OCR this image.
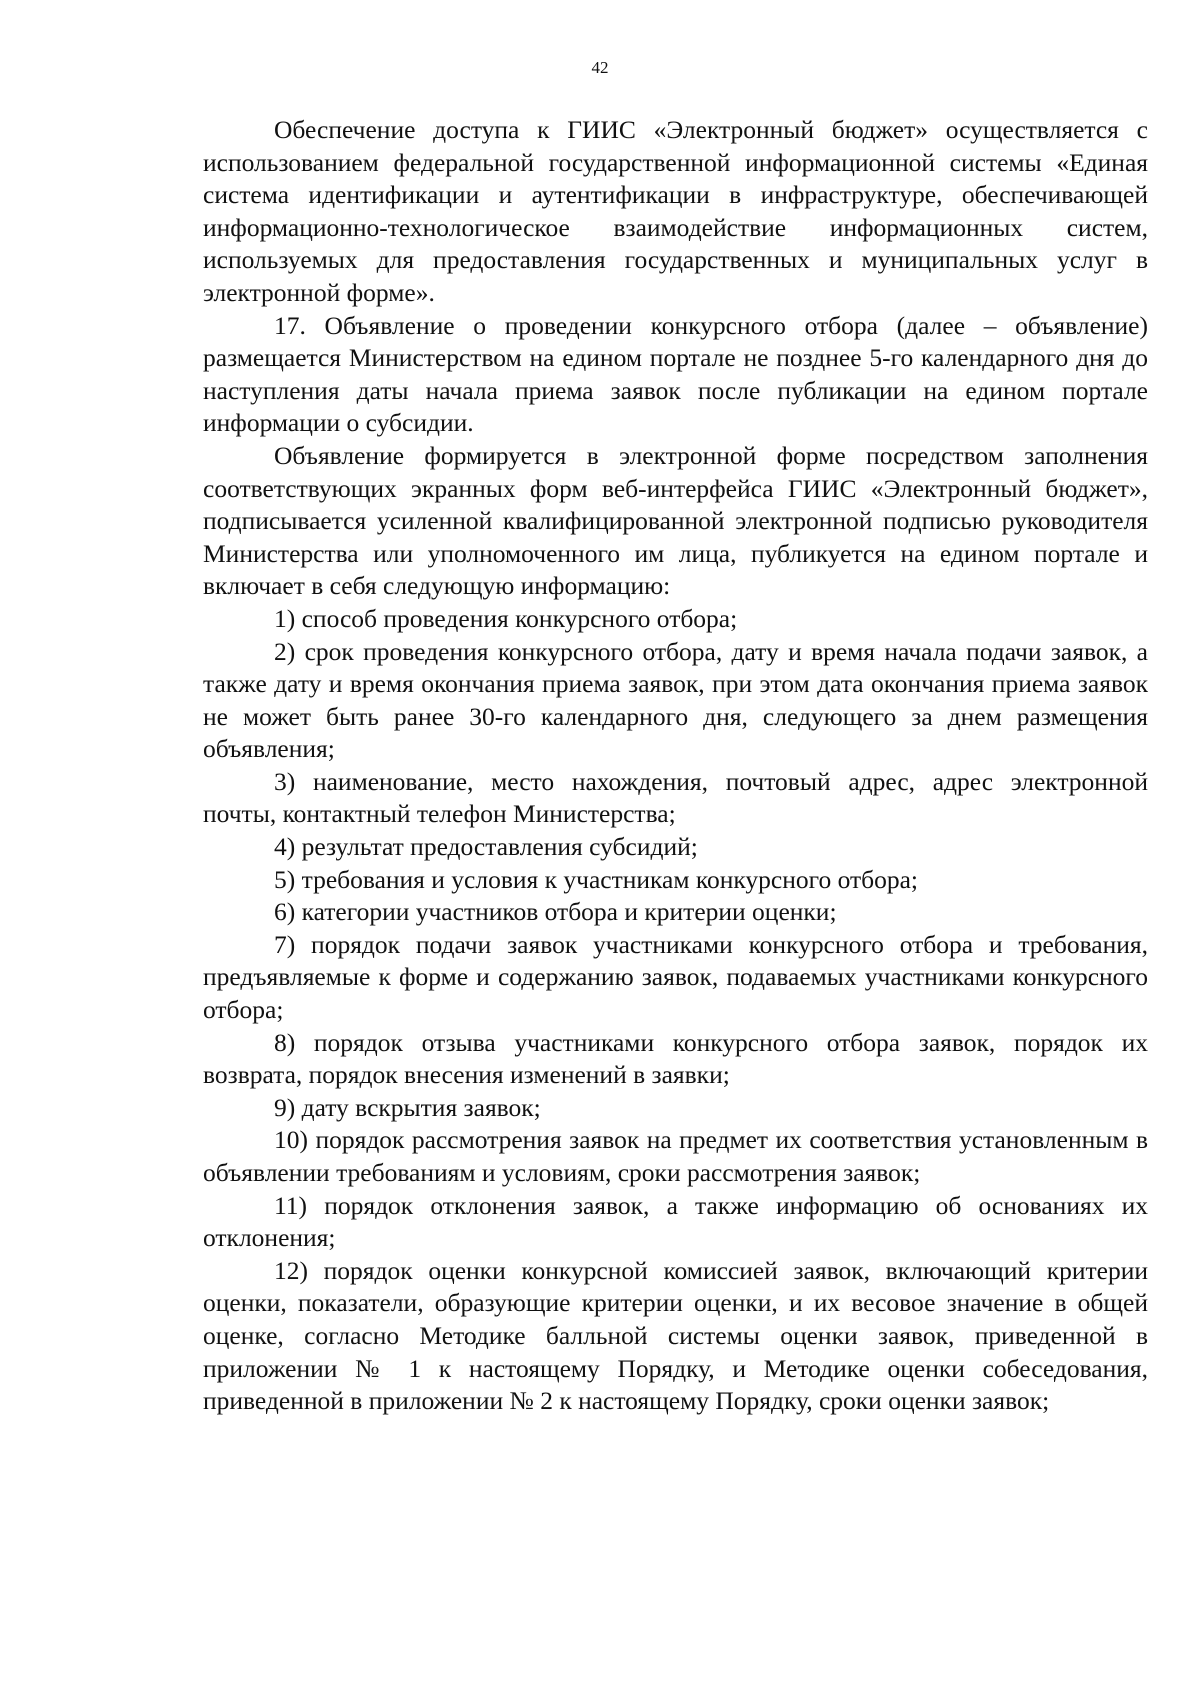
42

Обеспечение доступа к ГИИС «Электронный бюджет» осуществляется с использованием федеральной государственной информационной системы «Единая система идентификации и аутентификации в инфраструктуре, обеспечивающей информационно-технологическое взаимодействие информационных систем, используемых для предоставления государственных и муниципальных услуг в электронной форме».

17. Объявление о проведении конкурсного отбора (далее – объявление) размещается Министерством на едином портале не позднее 5-го календарного дня до наступления даты начала приема заявок после публикации на едином портале информации о субсидии.

Объявление формируется в электронной форме посредством заполнения соответствующих экранных форм веб-интерфейса ГИИС «Электронный бюджет», подписывается усиленной квалифицированной электронной подписью руководителя Министерства или уполномоченного им лица, публикуется на едином портале и включает в себя следующую информацию:

1) способ проведения конкурсного отбора;

2) срок проведения конкурсного отбора, дату и время начала подачи заявок, а также дату и время окончания приема заявок, при этом дата окончания приема заявок не может быть ранее 30-го календарного дня, следующего за днем размещения объявления;

3) наименование, место нахождения, почтовый адрес, адрес электронной почты, контактный телефон Министерства;

4) результат предоставления субсидий;

5) требования и условия к участникам конкурсного отбора;

6) категории участников отбора и критерии оценки;

7) порядок подачи заявок участниками конкурсного отбора и требования, предъявляемые к форме и содержанию заявок, подаваемых участниками конкурсного отбора;

8) порядок отзыва участниками конкурсного отбора заявок, порядок их возврата, порядок внесения изменений в заявки;

9) дату вскрытия заявок;

10) порядок рассмотрения заявок на предмет их соответствия установленным в объявлении требованиям и условиям, сроки рассмотрения заявок;

11) порядок отклонения заявок, а также информацию об основаниях их отклонения;

12) порядок оценки конкурсной комиссией заявок, включающий критерии оценки, показатели, образующие критерии оценки, и их весовое значение в общей оценке, согласно Методике балльной системы оценки заявок, приведенной в приложении № 1 к настоящему Порядку, и Методике оценки собеседования, приведенной в приложении № 2 к настоящему Порядку, сроки оценки заявок;
